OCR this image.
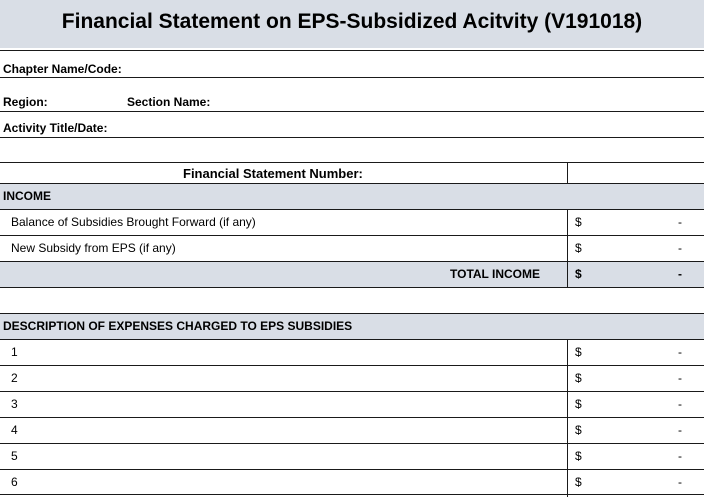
Financial Statement on EPS-Subsidized Acitvity (V191018)
Chapter Name/Code:
Region:	Section Name:
Activity Title/Date:
Financial Statement Number:
INCOME
Balance of Subsidies Brought Forward (if any)	$	-
New Subsidy from EPS (if any)	$	-
TOTAL INCOME	$	-
DESCRIPTION OF EXPENSES CHARGED TO EPS SUBSIDIES
1	$	-
2	$	-
3	$	-
4	$	-
5	$	-
6	$	-
